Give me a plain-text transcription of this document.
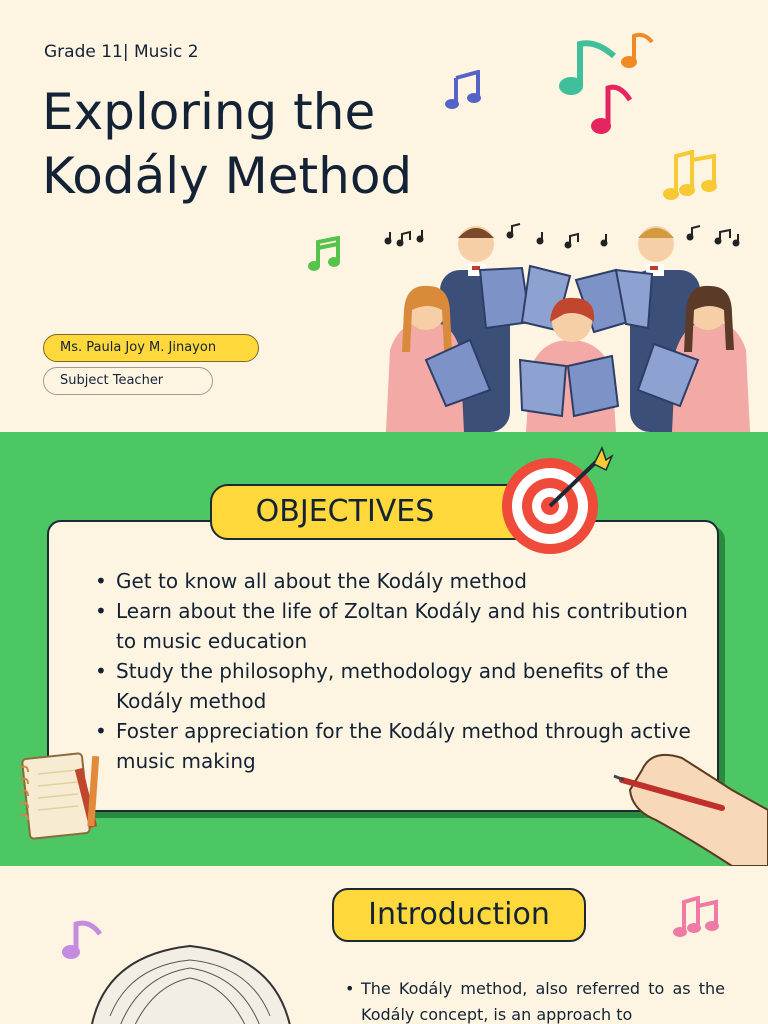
Grade 11| Music 2
Exploring the
Kodály Method
Ms. Paula Joy M. Jinayon
Subject Teacher
OBJECTIVES
• Get to know all about the Kodály method
• Learn about the life of Zoltan Kodály and his contribution to music education
• Study the philosophy, methodology and benefits of the Kodály method
• Foster appreciation for the Kodály method through active music making
Introduction

• The Kodály method, also referred to as the Kodály concept, is an approach to
